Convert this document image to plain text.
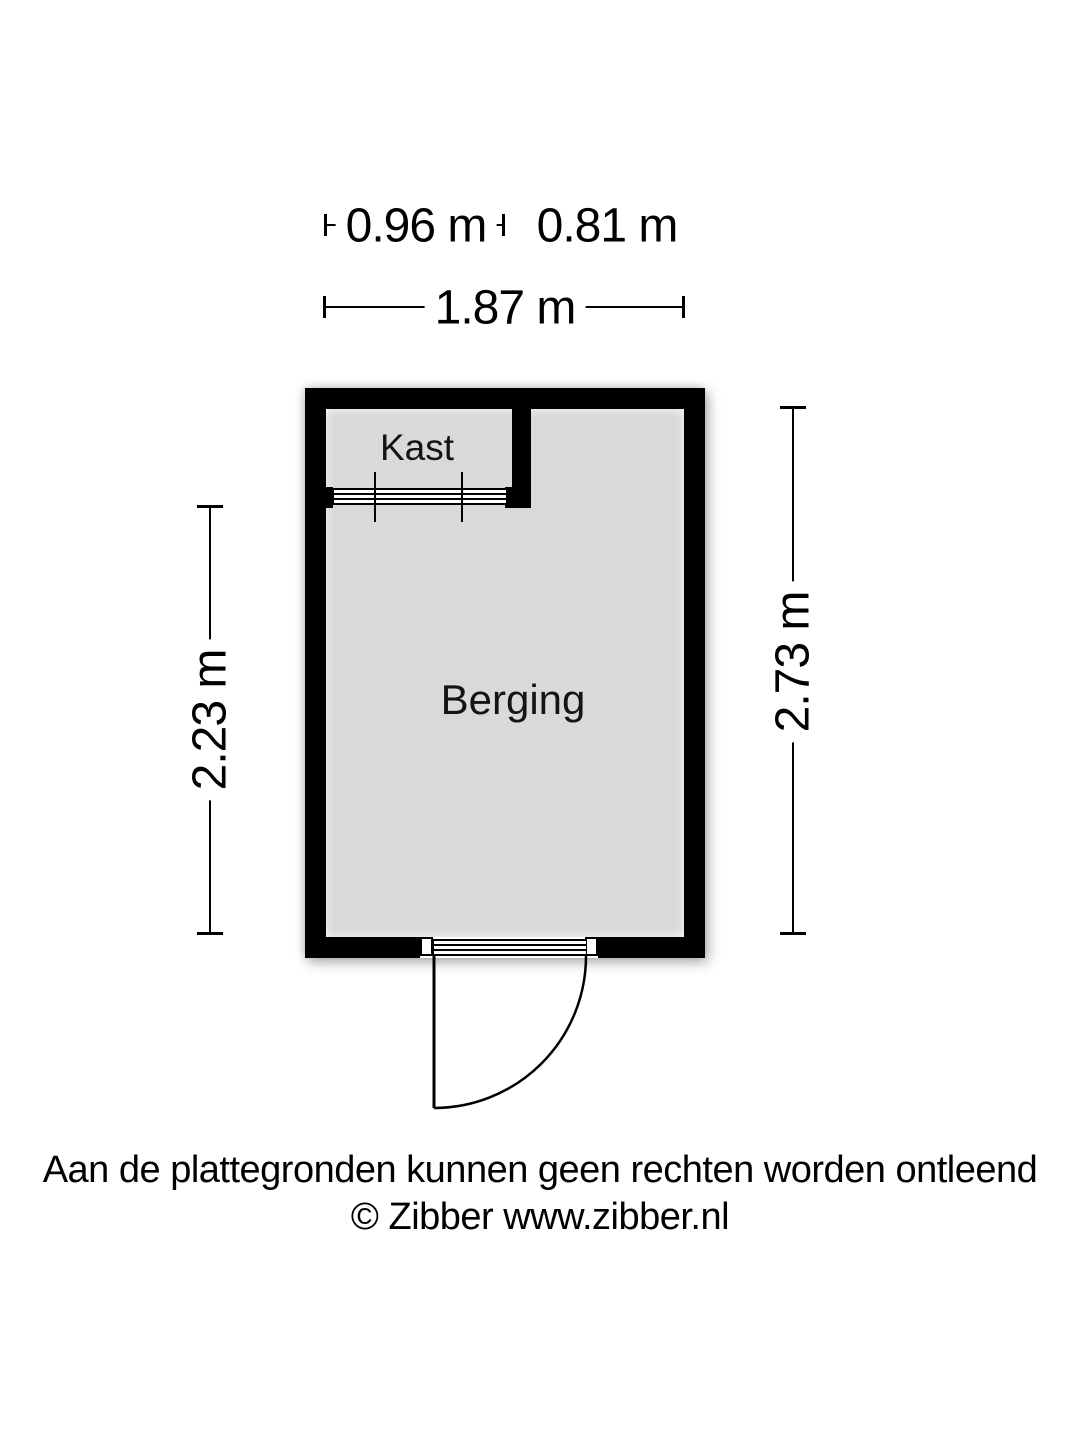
0.96 m 0.81 m
1.87 m
2.23 m	2.73 m
Kast
Berging
Aan de plattegronden kunnen geen rechten worden ontleend
© Zibber www.zibber.nl
